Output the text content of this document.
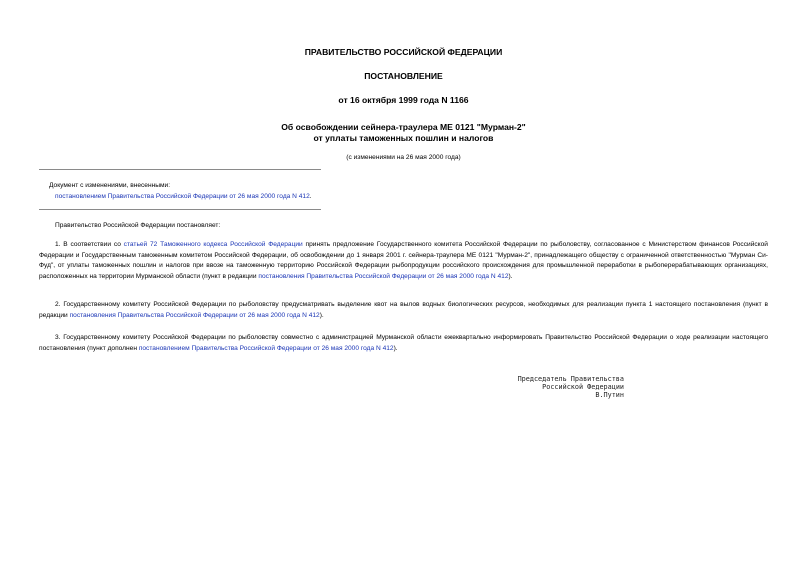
ПРАВИТЕЛЬСТВО РОССИЙСКОЙ ФЕДЕРАЦИИ
ПОСТАНОВЛЕНИЕ
от 16 октября 1999 года N 1166
Об освобождении сейнера-траулера МЕ 0121 "Мурман-2"
от уплаты таможенных пошлин и налогов
(с изменениями на 26 мая 2000 года)
Документ с изменениями, внесенными:
постановлением Правительства Российской Федерации от 26 мая 2000 года N 412.
Правительство Российской Федерации постановляет:
1. В соответствии со статьей 72 Таможенного кодекса Российской Федерации принять предложение Государственного комитета Российской Федерации по рыболовству, согласованное с Министерством финансов Российской Федерации и Государственным таможенным комитетом Российской Федерации, об освобождении до 1 января 2001 г. сейнера-траулера МЕ 0121 "Мурман-2", принадлежащего обществу с ограниченной ответственностью "Мурман Си-Фуд", от уплаты таможенных пошлин и налогов при ввозе на таможенную территорию Российской Федерации рыбопродукции российского происхождения для промышленной переработки в рыбоперерабатывающих организациях, расположенных на территории Мурманской области (пункт в редакции постановления Правительства Российской Федерации от 26 мая 2000 года N 412).
2. Государственному комитету Российской Федерации по рыболовству предусматривать выделение квот на вылов водных биологических ресурсов, необходимых для реализации пункта 1 настоящего постановления (пункт в редакции постановления Правительства Российской Федерации от 26 мая 2000 года N 412).
3. Государственному комитету Российской Федерации по рыболовству совместно с администрацией Мурманской области ежеквартально информировать Правительство Российской Федерации о ходе реализации настоящего постановления (пункт дополнен постановлением Правительства Российской Федерации от 26 мая 2000 года N 412).
Председатель Правительства
Российской Федерации
В.Путин
